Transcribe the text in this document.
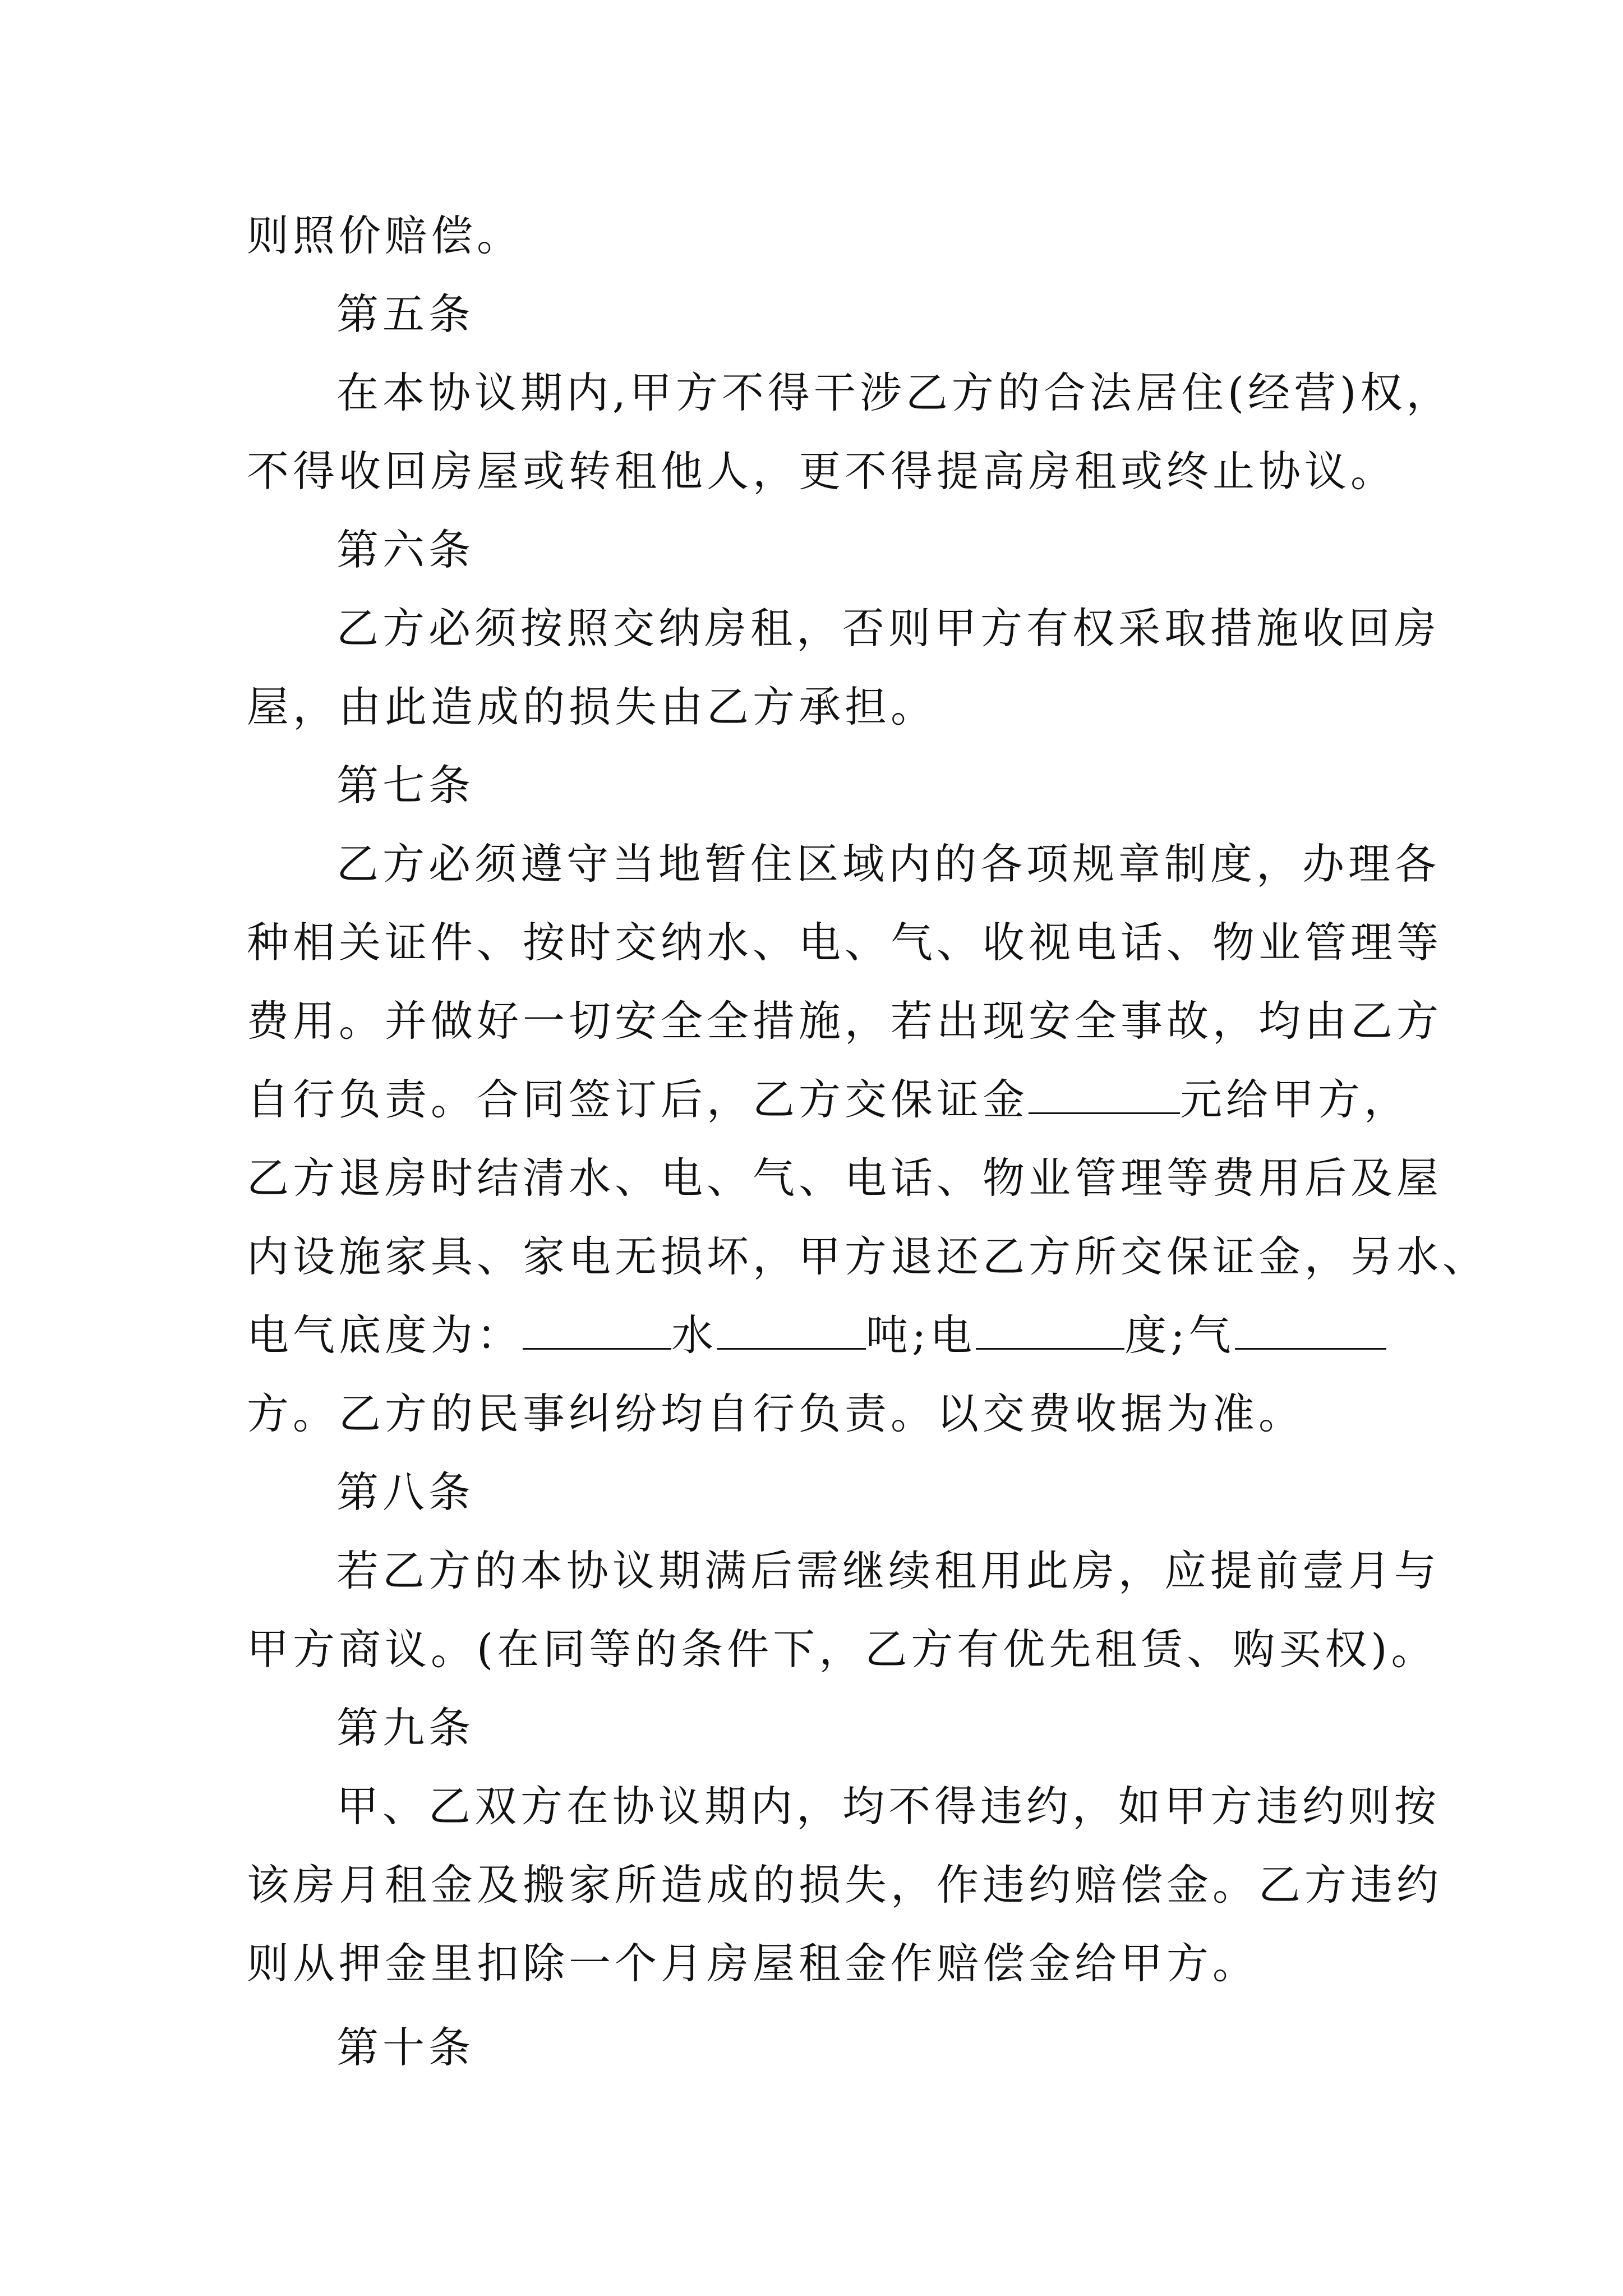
则照价赔偿。
第五条
在本协议期内,甲方不得干涉乙方的合法居住(经营)权，
不得收回房屋或转租他人，更不得提高房租或终止协议。
第六条
乙方必须按照交纳房租，否则甲方有权采取措施收回房
屋，由此造成的损失由乙方承担。
第七条
乙方必须遵守当地暂住区域内的各项规章制度，办理各
种相关证件、按时交纳水、电、气、收视电话、物业管理等
费用。并做好一切安全全措施，若出现安全事故，均由乙方
自行负责。合同签订后，乙方交保证金	元给甲方，
乙方退房时结清水、电、气、电话、物业管理等费用后及屋
内设施家具、家电无损坏，甲方退还乙方所交保证金，另水、
电气底度为：	水	吨;电	度;气
方。乙方的民事纠纷均自行负责。以交费收据为准。
第八条
若乙方的本协议期满后需继续租用此房，应提前壹月与
甲方商议。(在同等的条件下，乙方有优先租赁、购买权)。
第九条
甲、乙双方在协议期内，均不得违约，如甲方违约则按
该房月租金及搬家所造成的损失，作违约赔偿金。乙方违约
则从押金里扣除一个月房屋租金作赔偿金给甲方。
第十条
